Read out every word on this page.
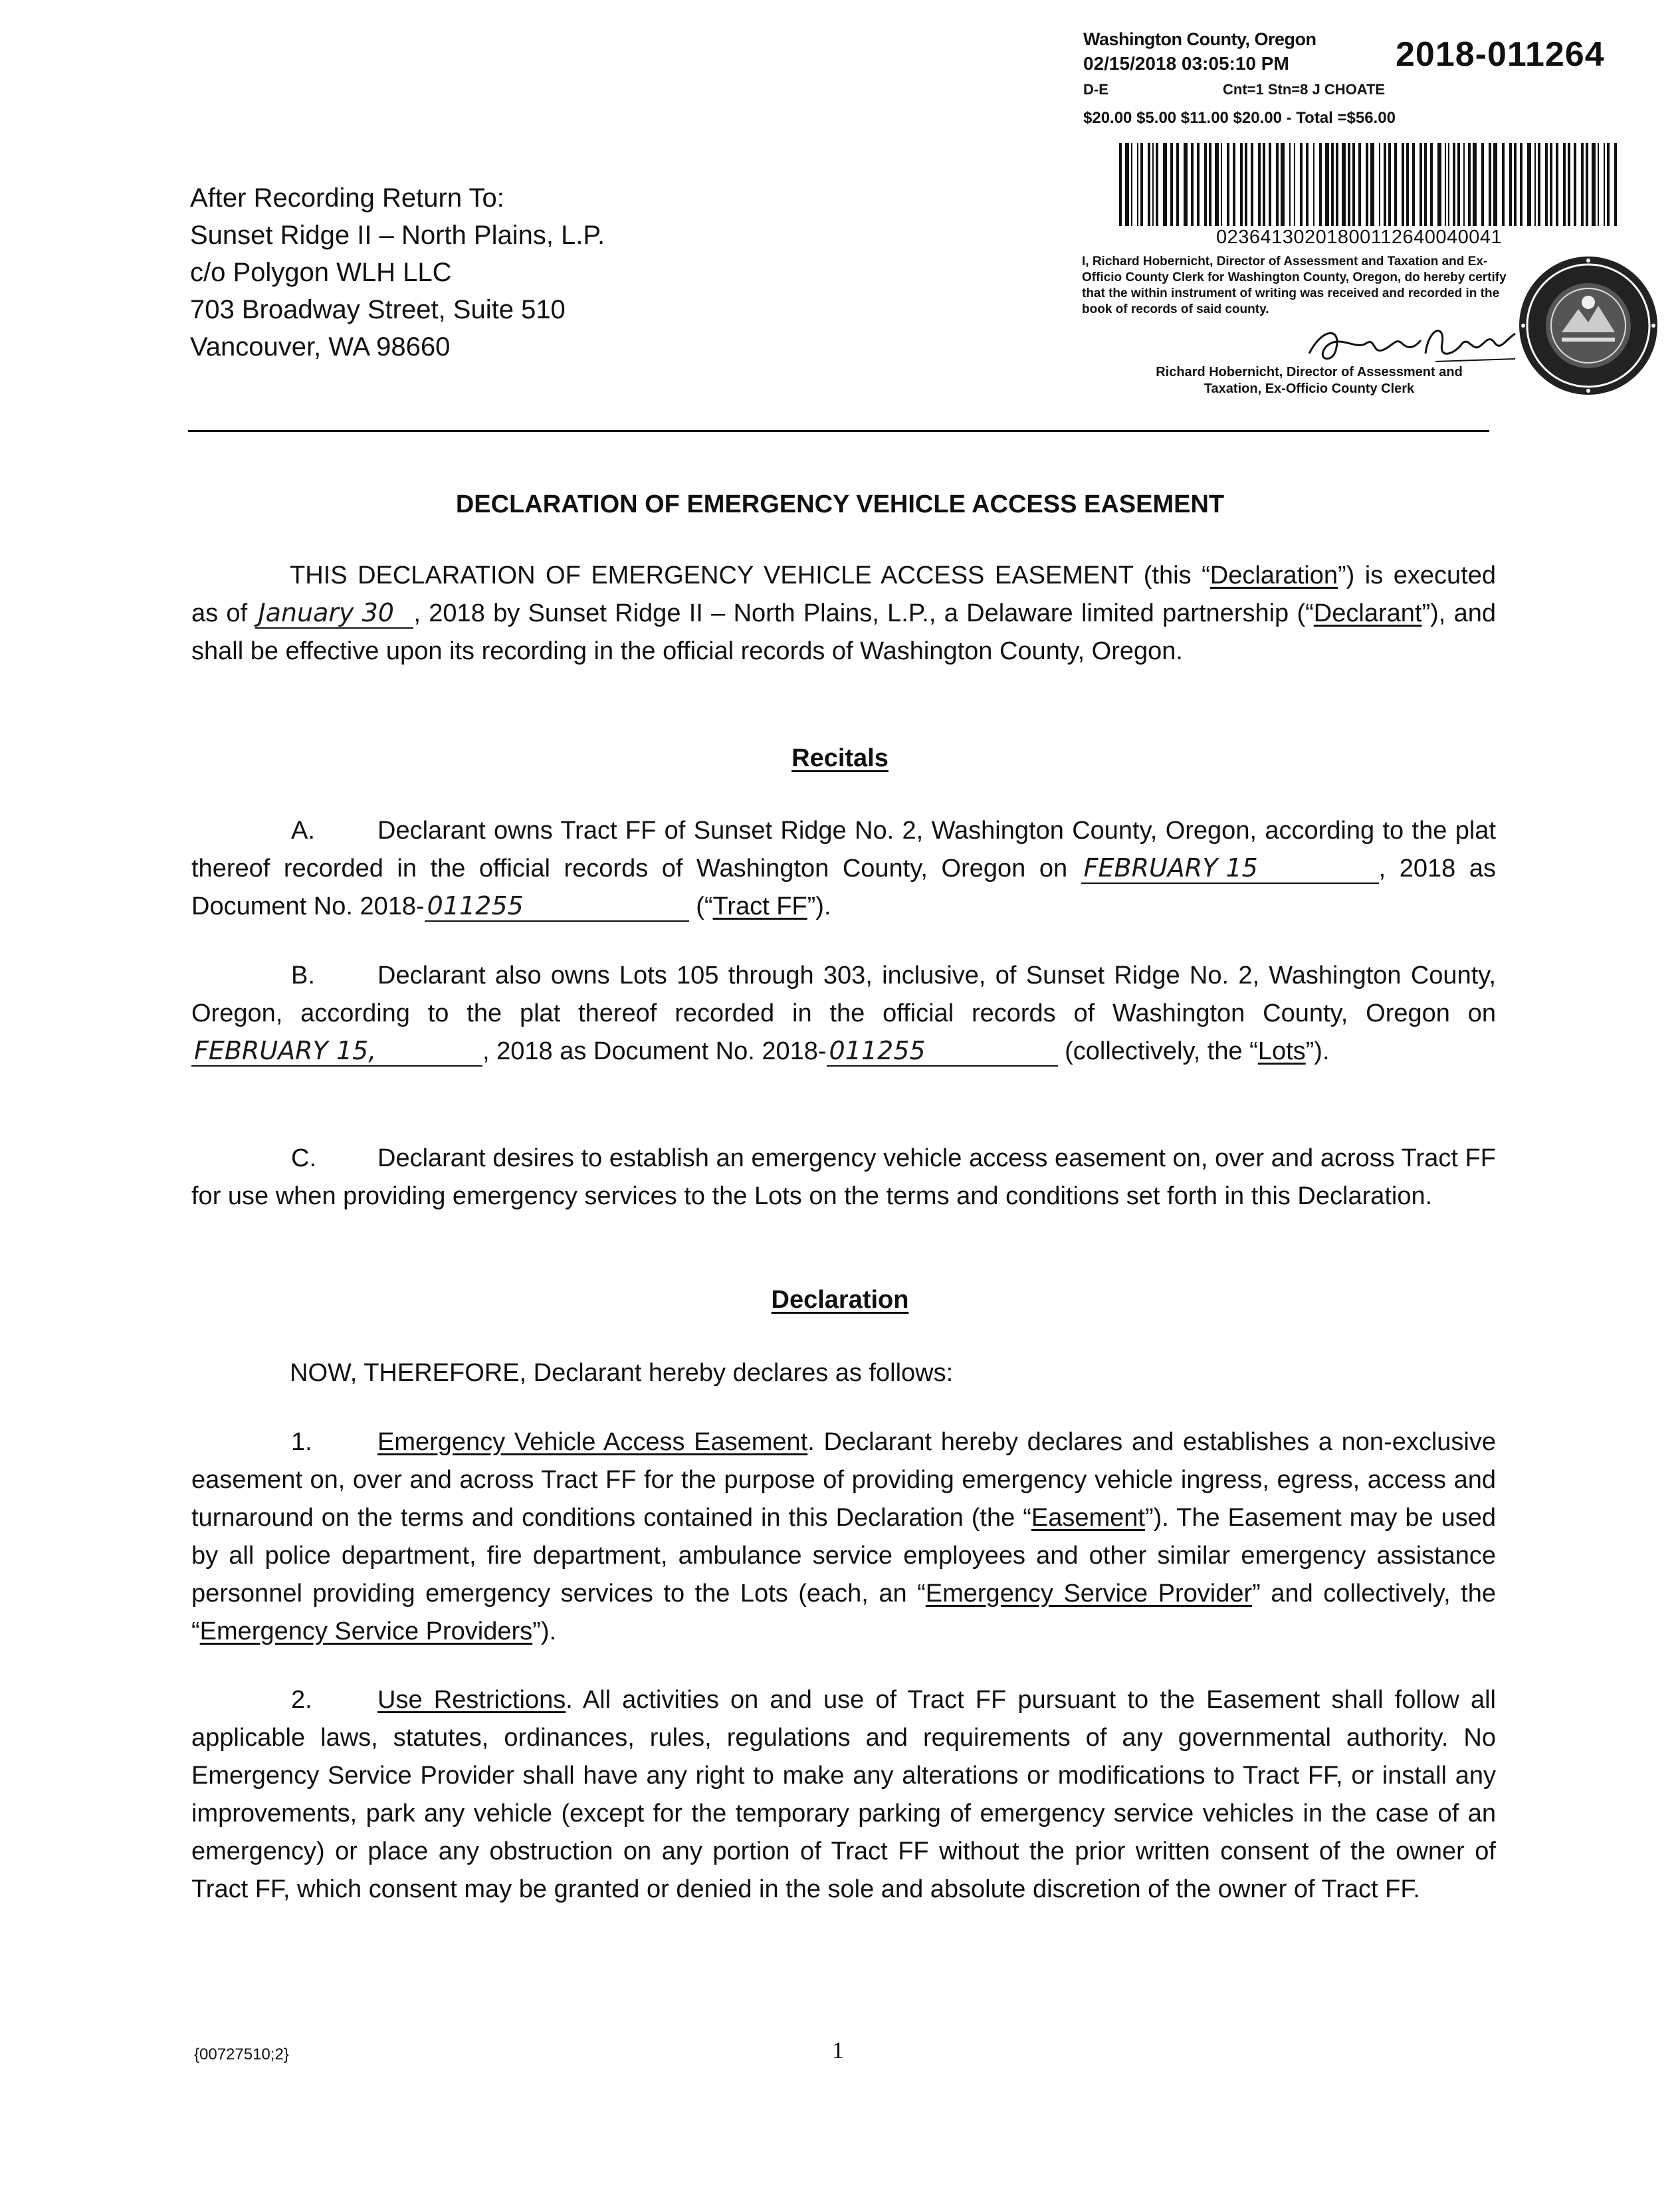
Washington County, Oregon
02/15/2018 03:05:10 PM	2018-011264
D-E	Cnt=1 Stn=8 J CHOATE
$20.00 $5.00 $11.00 $20.00 - Total =$56.00
02364130201800112640040041
I, Richard Hobernicht, Director of Assessment and Taxation and Ex-Officio County Clerk for Washington County, Oregon, do hereby certify that the within instrument of writing was received and recorded in the book of records of said county.
Richard Hobernicht, Director of Assessment and
Taxation, Ex-Officio County Clerk
After Recording Return To:
Sunset Ridge II – North Plains, L.P.
c/o Polygon WLH LLC
703 Broadway Street, Suite 510
Vancouver, WA 98660
DECLARATION OF EMERGENCY VEHICLE ACCESS EASEMENT
THIS DECLARATION OF EMERGENCY VEHICLE ACCESS EASEMENT (this “Declaration”) is executed as of January 30 , 2018 by Sunset Ridge II – North Plains, L.P., a Delaware limited partnership (“Declarant”), and shall be effective upon its recording in the official records of Washington County, Oregon.
Recitals
A. Declarant owns Tract FF of Sunset Ridge No. 2, Washington County, Oregon, according to the plat thereof recorded in the official records of Washington County, Oregon on FEBRUARY 15	, 2018 as Document No. 2018- 011255	(“Tract FF”).
B. Declarant also owns Lots 105 through 303, inclusive, of Sunset Ridge No. 2, Washington County, Oregon, according to the plat thereof recorded in the official records of Washington County, Oregon on FEBRUARY 15,	, 2018 as Document No. 2018- 011255	(collectively, the “Lots”).
C. Declarant desires to establish an emergency vehicle access easement on, over and across Tract FF for use when providing emergency services to the Lots on the terms and conditions set forth in this Declaration.
Declaration
NOW, THEREFORE, Declarant hereby declares as follows:
1.	Emergency Vehicle Access Easement. Declarant hereby declares and establishes a non-exclusive easement on, over and across Tract FF for the purpose of providing emergency vehicle ingress, egress, access and turnaround on the terms and conditions contained in this Declaration (the “Easement”). The Easement may be used by all police department, fire department, ambulance service employees and other similar emergency assistance personnel providing emergency services to the Lots (each, an “Emergency Service Provider” and collectively, the “Emergency Service Providers”).
2.	Use Restrictions. All activities on and use of Tract FF pursuant to the Easement shall follow all applicable laws, statutes, ordinances, rules, regulations and requirements of any governmental authority. No Emergency Service Provider shall have any right to make any alterations or modifications to Tract FF, or install any improvements, park any vehicle (except for the temporary parking of emergency service vehicles in the case of an emergency) or place any obstruction on any portion of Tract FF without the prior written consent of the owner of Tract FF, which consent may be granted or denied in the sole and absolute discretion of the owner of Tract FF.
{00727510;2}	1
